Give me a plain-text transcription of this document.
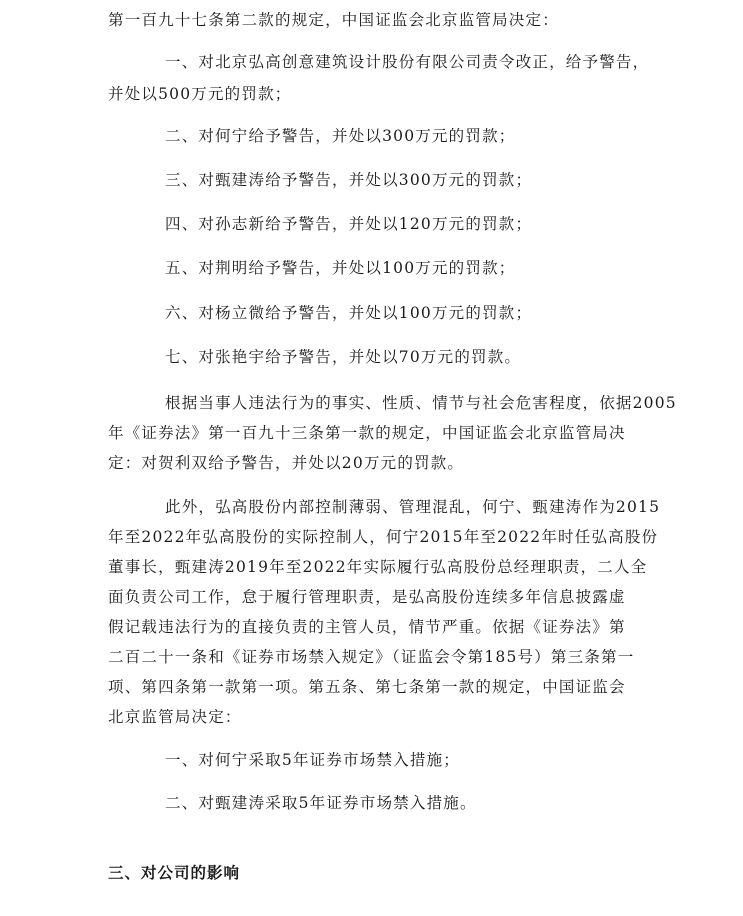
第一百九十七条第二款的规定，中国证监会北京监管局决定：
一、对北京弘高创意建筑设计股份有限公司责令改正，给予警告，
并处以500万元的罚款；
二、对何宁给予警告，并处以300万元的罚款；
三、对甄建涛给予警告，并处以300万元的罚款；
四、对孙志新给予警告，并处以120万元的罚款；
五、对荆明给予警告，并处以100万元的罚款；
六、对杨立微给予警告，并处以100万元的罚款；
七、对张艳宇给予警告，并处以70万元的罚款。
根据当事人违法行为的事实、性质、情节与社会危害程度，依据2005
年《证券法》第一百九十三条第一款的规定，中国证监会北京监管局决
定：对贺利双给予警告，并处以20万元的罚款。
此外，弘高股份内部控制薄弱、管理混乱，何宁、甄建涛作为2015
年至2022年弘高股份的实际控制人，何宁2015年至2022年时任弘高股份
董事长，甄建涛2019年至2022年实际履行弘高股份总经理职责，二人全
面负责公司工作，怠于履行管理职责，是弘高股份连续多年信息披露虚
假记载违法行为的直接负责的主管人员，情节严重。依据《证券法》第
二百二十一条和《证券市场禁入规定》（证监会令第185号）第三条第一
项、第四条第一款第一项。第五条、第七条第一款的规定，中国证监会
北京监管局决定：
一、对何宁采取5年证券市场禁入措施；
二、对甄建涛采取5年证券市场禁入措施。
三、对公司的影响
